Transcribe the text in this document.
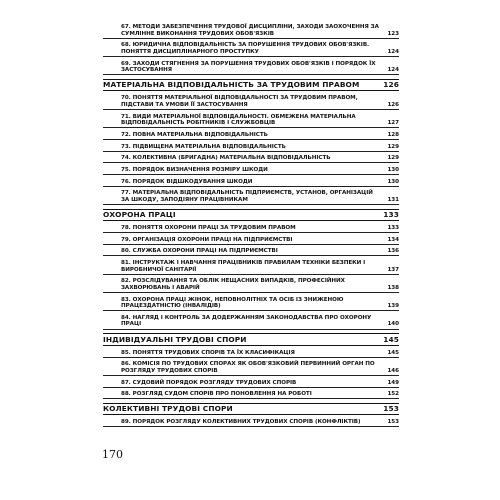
67. МЕТОДИ ЗАБЕЗПЕЧЕННЯ ТРУДОВОЇ ДИСЦИПЛІНИ, ЗАХОДИ ЗАОХОЧЕННЯ ЗА СУМЛІННЕ ВИКОНАННЯ ТРУДОВИХ ОБОВ'ЯЗКІВ	123
68. ЮРИДИЧНА ВІДПОВІДАЛЬНІСТЬ ЗА ПОРУШЕННЯ ТРУДОВИХ ОБОВ'ЯЗКІВ. ПОНЯТТЯ ДИСЦИПЛІНАРНОГО ПРОСТУПКУ	124
69. ЗАХОДИ СТЯГНЕННЯ ЗА ПОРУШЕННЯ ТРУДОВИХ ОБОВ'ЯЗКІВ І ПОРЯДОК ЇХ ЗАСТОСУВАННЯ	124
МАТЕРІАЛЬНА ВІДПОВІДАЛЬНІСТЬ ЗА ТРУДОВИМ ПРАВОМ	126
70. ПОНЯТТЯ МАТЕРІАЛЬНОЇ ВІДПОВІДАЛЬНОСТІ ЗА ТРУДОВИМ ПРАВОМ, ПІДСТАВИ ТА УМОВИ ЇЇ ЗАСТОСУВАННЯ	126
71. ВИДИ МАТЕРІАЛЬНОЇ ВІДПОВІДАЛЬНОСТІ. ОБМЕЖЕНА МАТЕРІАЛЬНА ВІДПОВІДАЛЬНІСТЬ РОБІТНИКІВ І СЛУЖБОВЦІВ	127
72. ПОВНА МАТЕРІАЛЬНА ВІДПОВІДАЛЬНІСТЬ	128
73. ПІДВИЩЕНА МАТЕРІАЛЬНА ВІДПОВІДАЛЬНІСТЬ	129
74. КОЛЕКТИВНА (БРИГАДНА) МАТЕРІАЛЬНА ВІДПОВІДАЛЬНІСТЬ	129
75. ПОРЯДОК ВИЗНАЧЕННЯ РОЗМІРУ ШКОДИ	130
76. ПОРЯДОК ВІДШКОДУВАННЯ ШКОДИ	130
77. МАТЕРІАЛЬНА ВІДПОВІДАЛЬНІСТЬ ПІДПРИЄМСТВ, УСТАНОВ, ОРГАНІЗАЦІЙ ЗА ШКОДУ, ЗАПОДІЯНУ ПРАЦІВНИКАМ	131
ОХОРОНА ПРАЦІ	133
78. ПОНЯТТЯ ОХОРОНИ ПРАЦІ ЗА ТРУДОВИМ ПРАВОМ	133
79. ОРГАНІЗАЦІЯ ОХОРОНИ ПРАЦІ НА ПІДПРИЄМСТВІ	134
80. СЛУЖБА ОХОРОНИ ПРАЦІ НА ПІДПРИЄМСТВІ	136
81. ІНСТРУКТАЖ І НАВЧАННЯ ПРАЦІВНИКІВ ПРАВИЛАМ ТЕХНІКИ БЕЗПЕКИ І ВИРОБНИЧОЇ САНІТАРІЇ	137
82. РОЗСЛІДУВАННЯ ТА ОБЛІК НЕЩАСНИХ ВИПАДКІВ, ПРОФЕСІЙНИХ ЗАХВОРЮВАНЬ І АВАРІЙ	138
83. ОХОРОНА ПРАЦІ ЖІНОК, НЕПОВНОЛІТНІХ ТА ОСІБ ІЗ ЗНИЖЕНОЮ ПРАЦЕЗДАТНІСТЮ (ІНВАЛІДІВ)	139
84. НАГЛЯД І КОНТРОЛЬ ЗА ДОДЕРЖАННЯМ ЗАКОНОДАВСТВА ПРО ОХОРОНУ ПРАЦІ	140
ІНДИВІДУАЛЬНІ ТРУДОВІ СПОРИ	145
85. ПОНЯТТЯ ТРУДОВИХ СПОРІВ ТА ЇХ КЛАСИФІКАЦІЯ	145
86. КОМІСІЯ ПО ТРУДОВИХ СПОРАХ ЯК ОБОВ'ЯЗКОВИЙ ПЕРВИННИЙ ОРГАН ПО РОЗГЛЯДУ ТРУДОВИХ СПОРІВ	146
87. СУДОВИЙ ПОРЯДОК РОЗГЛЯДУ ТРУДОВИХ СПОРІВ	149
88. РОЗГЛЯД СУДОМ СПОРІВ ПРО ПОНОВЛЕННЯ НА РОБОТІ	152
КОЛЕКТИВНІ ТРУДОВІ СПОРИ	153
89. ПОРЯДОК РОЗГЛЯДУ КОЛЕКТИВНИХ ТРУДОВИХ СПОРІВ (КОНФЛІКТІВ)	153
170
